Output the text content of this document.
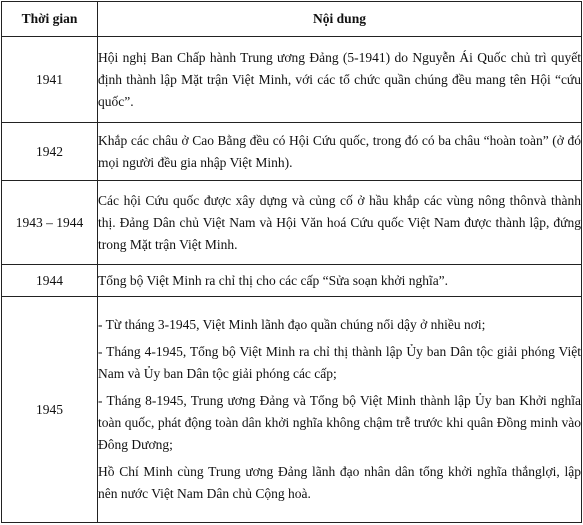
Thời gian	Nội dung
1941	Hội nghị Ban Chấp hành Trung ương Đảng (5-1941) do Nguyễn Ái Quốc chủ trì quyết định thành lập Mặt trận Việt Minh, với các tổ chức quần chúng đều mang tên Hội “cứu quốc”.

1942	Khắp các châu ở Cao Bằng đều có Hội Cứu quốc, trong đó có ba châu “hoàn toàn” (ở đó mọi người đều gia nhập Việt Minh).

1943 – 1944	Các hội Cứu quốc được xây dựng và củng cố ở hầu khắp các vùng nông thônvà thành thị. Đảng Dân chủ Việt Nam và Hội Văn hoá Cứu quốc Việt Nam được thành lập, đứng trong Mặt trận Việt Minh.

1944	Tổng bộ Việt Minh ra chỉ thị cho các cấp “Sửa soạn khởi nghĩa”.

1945	- Từ tháng 3-1945, Việt Minh lãnh đạo quần chúng nổi dậy ở nhiều nơi;

- Tháng 4-1945, Tổng bộ Việt Minh ra chỉ thị thành lập Ủy ban Dân tộc giải phóng Việt Nam và Ủy ban Dân tộc giải phóng các cấp;

- Tháng 8-1945, Trung ương Đảng và Tổng bộ Việt Minh thành lập Ủy ban Khởi nghĩa toàn quốc, phát động toàn dân khởi nghĩa không chậm trễ trước khi quân Đồng minh vào Đông Dương;

Hồ Chí Minh cùng Trung ương Đảng lãnh đạo nhân dân tổng khởi nghĩa thắnglợi, lập nên nước Việt Nam Dân chủ Cộng hoà.
